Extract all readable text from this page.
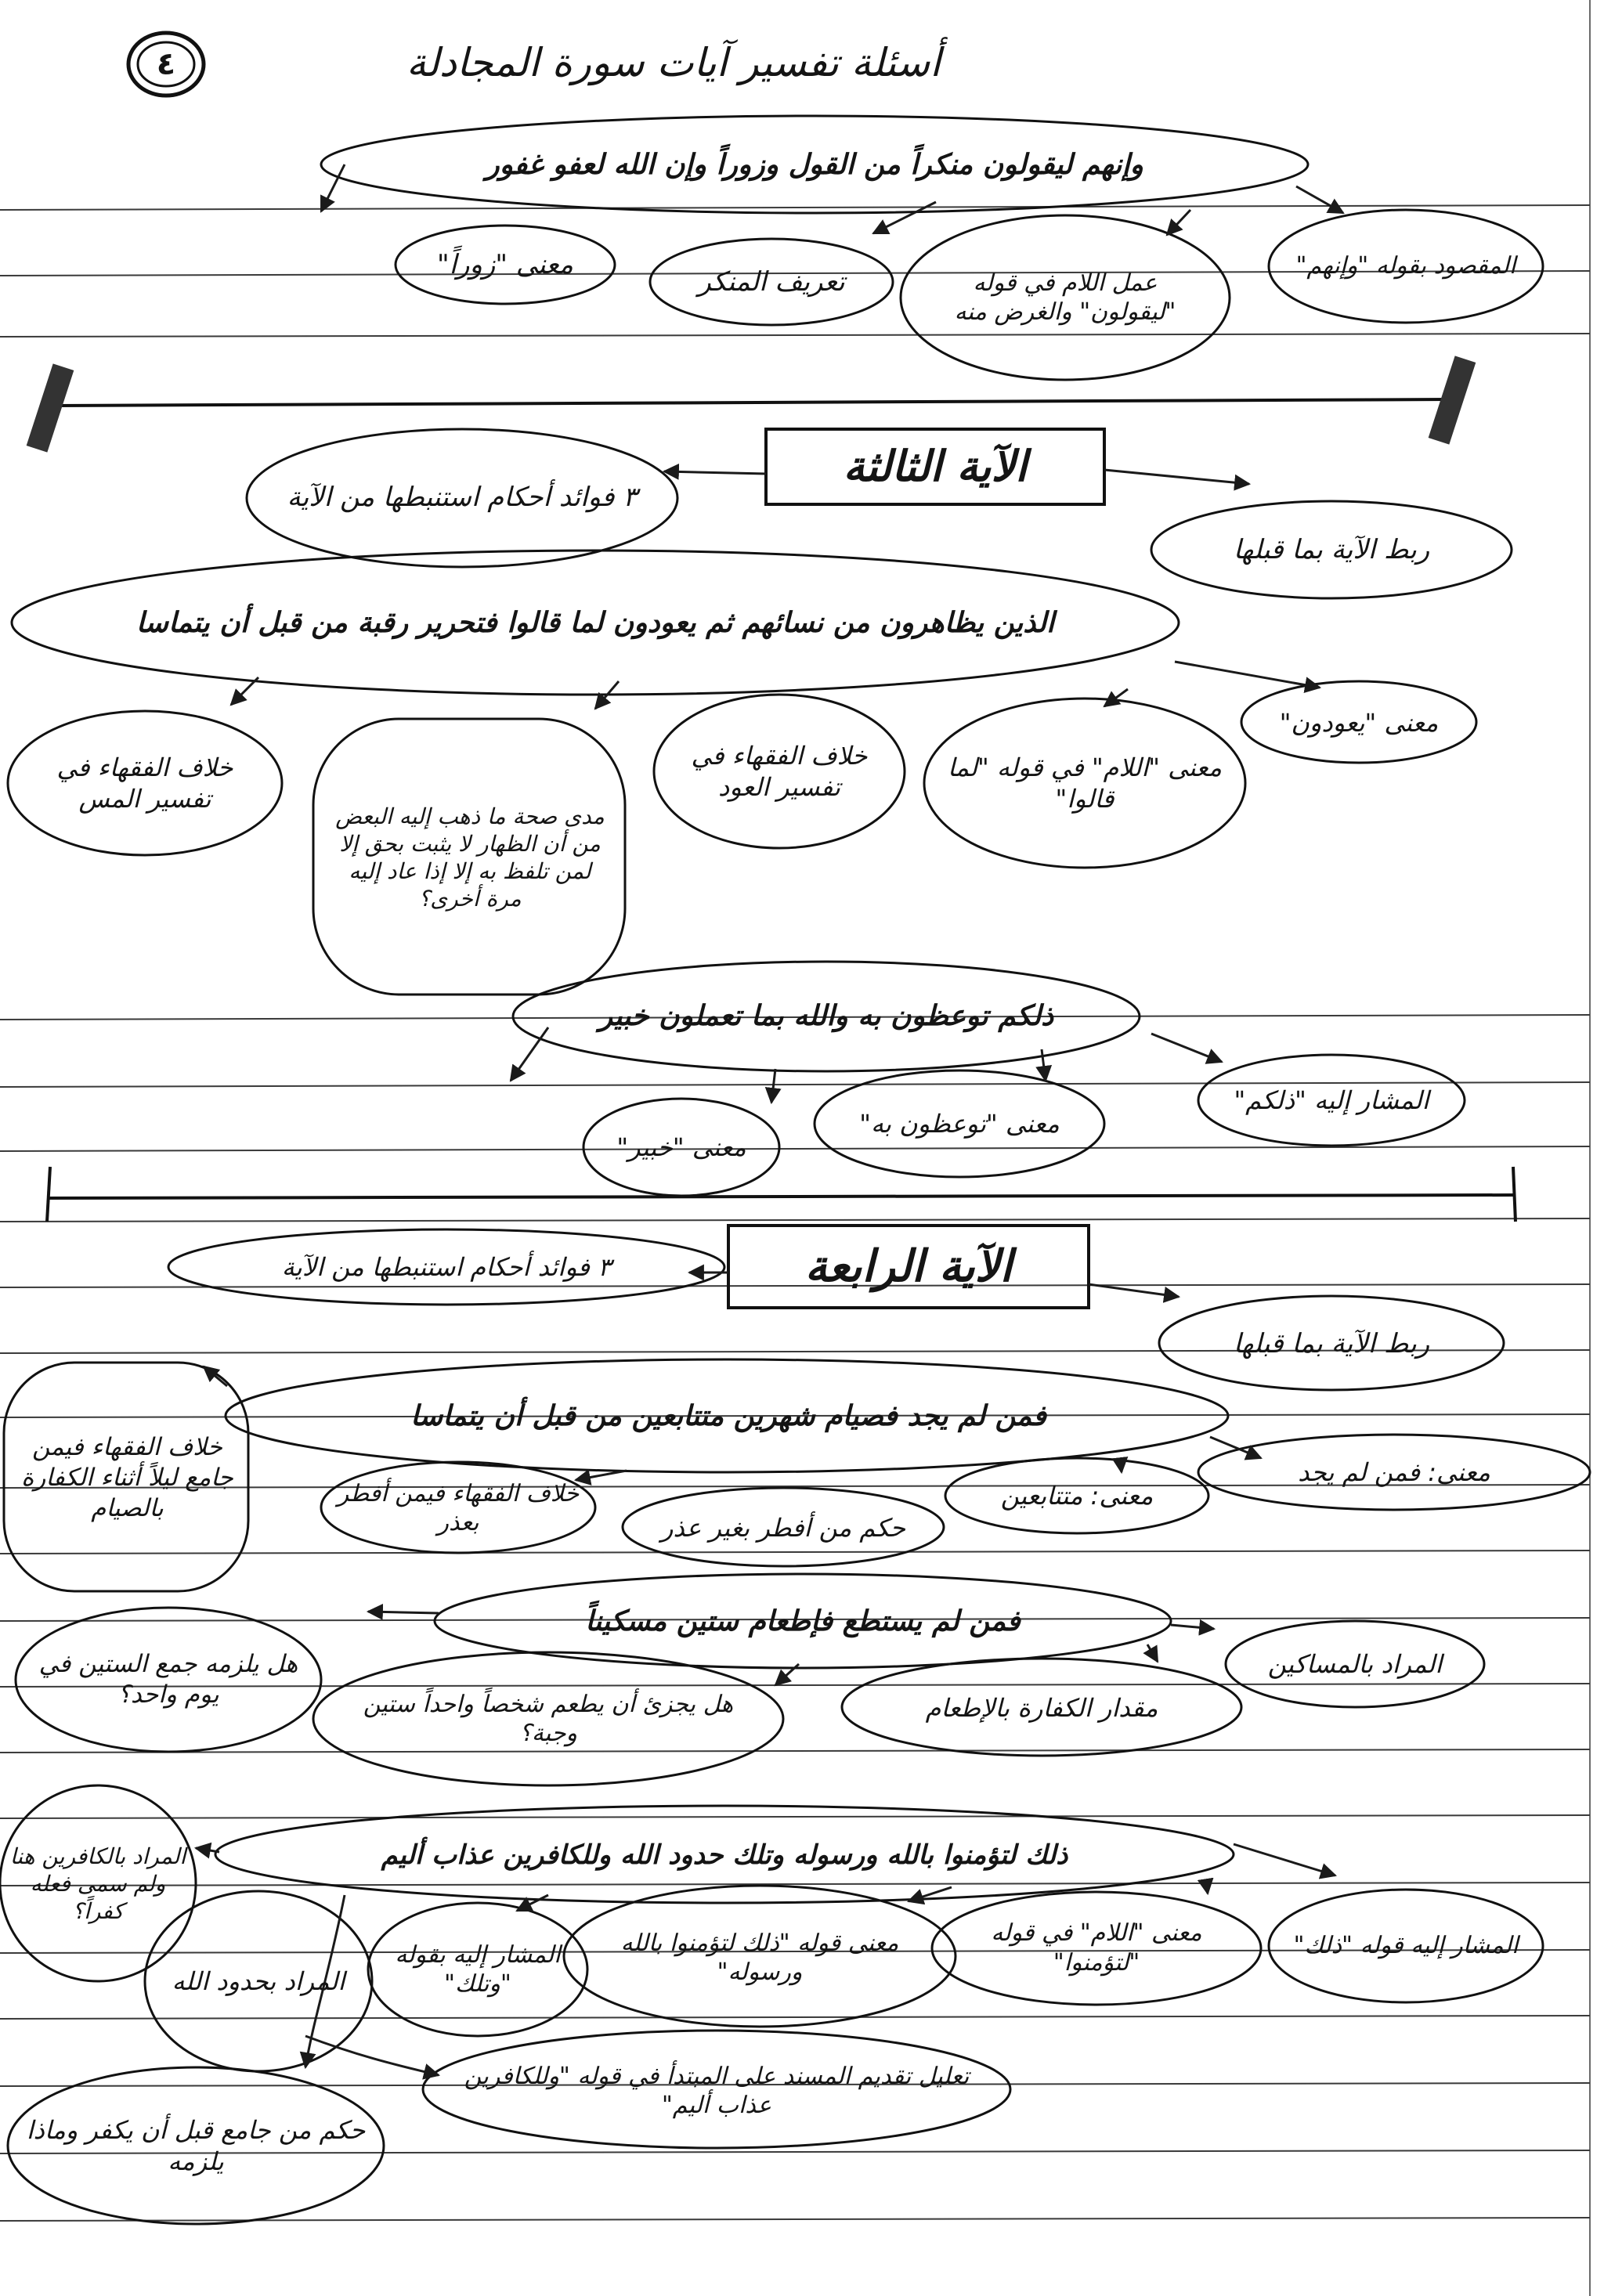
٤	أسئلة تفسير آيات سورة المجادلة
وإنهم ليقولون منكراً من القول وزوراً وإن الله لعفو غفور
المقصود بقوله "وإنهم"
عمل اللام في قوله "ليقولون" والغرض منه
تعريف المنكر
معنى "زوراً"
الآية الثالثة
٣ فوائد أحكام استنبطها من الآية
ربط الآية بما قبلها
الذين يظاهرون من نسائهم ثم يعودون لما قالوا فتحرير رقبة من قبل أن يتماسا
معنى "يعودون"
معنى "اللام" في قوله "لما قالوا"
خلاف الفقهاء في تفسير العود
مدى صحة ما ذهب إليه البعض من أن الظهار لا يثبت بحق إلا لمن تلفظ به إلا إذا عاد إليه مرة أخرى؟
خلاف الفقهاء في تفسير المس
ذلكم توعظون به والله بما تعملون خبير
المشار إليه "ذلكم"
معنى "توعظون به"
معنى "خبير"
الآية الرابعة
٣ فوائد أحكام استنبطها من الآية
ربط الآية بما قبلها
فمن لم يجد فصيام شهرين متتابعين من قبل أن يتماسا
معنى: فمن لم يجد
معنى: متتابعين
حكم من أفطر بغير عذر
خلاف الفقهاء فيمن أفطر بعذر
خلاف الفقهاء فيمن جامع ليلاً أثناء الكفارة بالصيام
فمن لم يستطع فإطعام ستين مسكيناً
المراد بالمساكين
مقدار الكفارة بالإطعام
هل يجزئ أن يطعم شخصاً واحداً ستين وجبة؟
هل يلزمه جمع الستين في يوم واحد؟
ذلك لتؤمنوا بالله ورسوله وتلك حدود الله وللكافرين عذاب أليم
المشار إليه قوله "ذلك"
معنى "اللام" في قوله "لتؤمنوا"
معنى قوله "ذلك لتؤمنوا بالله ورسوله"
المشار إليه بقوله "وتلك"
المراد بحدود الله
المراد بالكافرين هنا ولم سمى فعله كفراً؟
تعليل تقديم المسند على المبتدأ في قوله "وللكافرين عذاب أليم"
حكم من جامع قبل أن يكفر وماذا يلزمه
